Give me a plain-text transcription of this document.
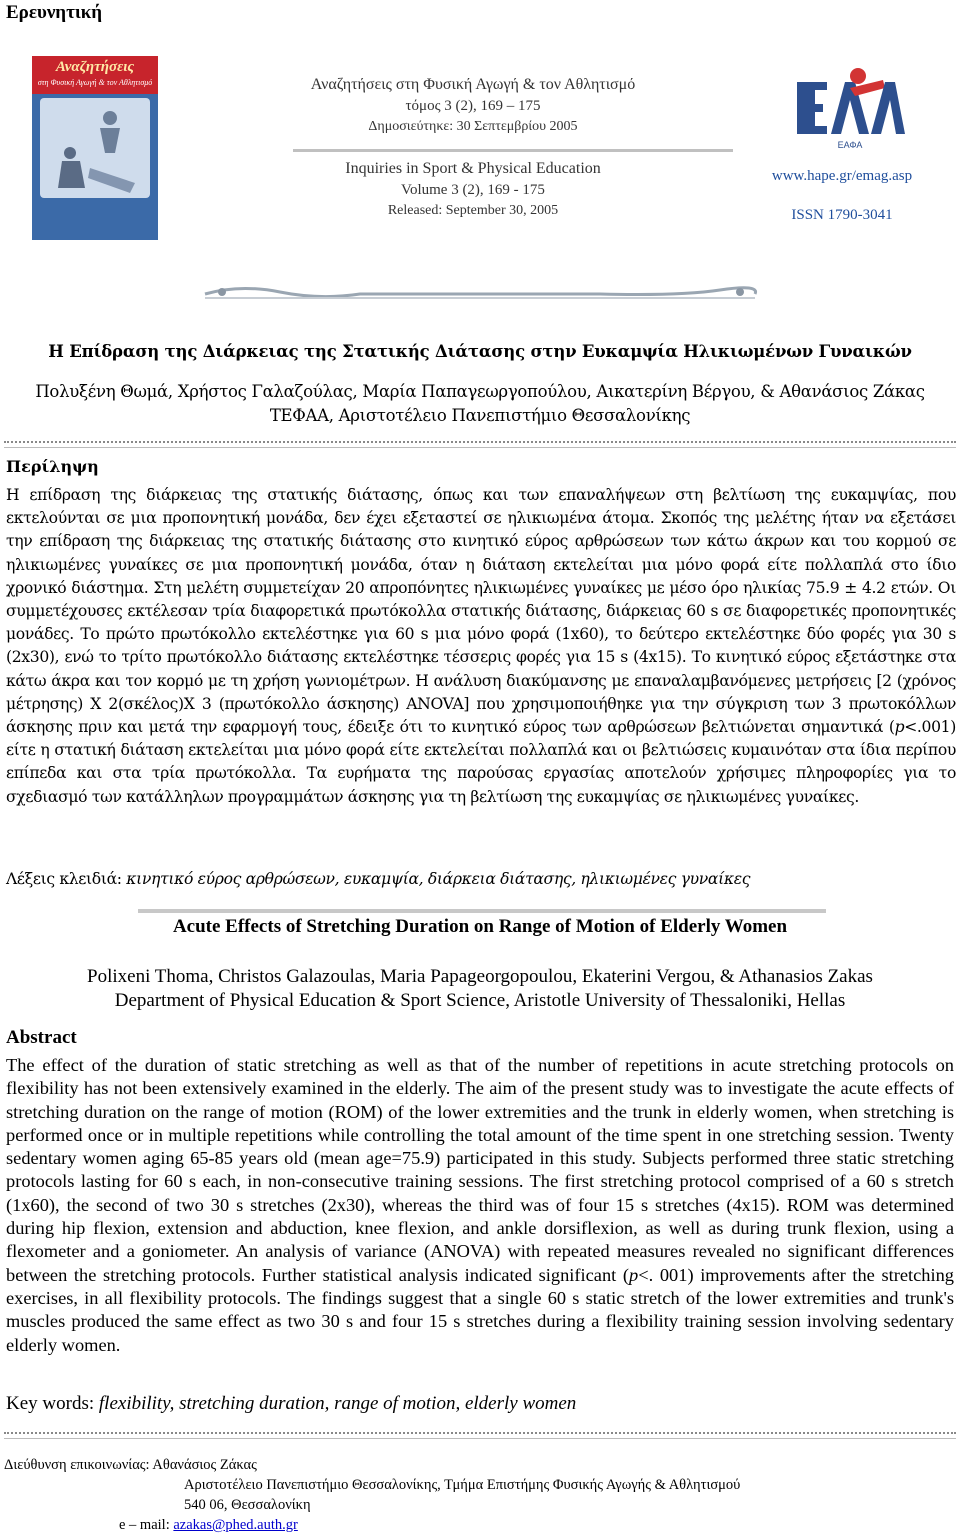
Ερευνητική
Αναζητήσεις
στη Φυσική Αγωγή & τον Αθλητισμό
ΕΑΦΑ
Αναζητήσεις στη Φυσική Αγωγή & τον Αθλητισμό
τόμος 3 (2), 169 – 175
Δημοσιεύτηκε: 30 Σεπτεμβρίου 2005
Inquiries in Sport & Physical Education
Volume 3 (2), 169 - 175
Released: September 30, 2005
ΕΑΦΑ
www.hape.gr/emag.asp
ISSN 1790-3041
Η Επίδραση της Διάρκειας της Στατικής Διάτασης στην Ευκαμψία Ηλικιωμένων Γυναικών
Πολυξένη Θωμά, Χρήστος Γαλαζούλας, Μαρία Παπαγεωργοπούλου, Αικατερίνη Βέργου, & Αθανάσιος Ζάκας
ΤΕΦΑΑ, Αριστοτέλειο Πανεπιστήμιο Θεσσαλονίκης
Περίληψη
Η επίδραση της διάρκειας της στατικής διάτασης, όπως και των επαναλήψεων στη βελτίωση της ευκαμψίας, που εκτελούνται σε μια προπονητική μονάδα, δεν έχει εξεταστεί σε ηλικιωμένα άτομα. Σκοπός της μελέτης ήταν να εξετάσει την επίδραση της διάρκειας της στατικής διάτασης στο κινητικό εύρος αρθρώσεων των κάτω άκρων και του κορμού σε ηλικιωμένες γυναίκες σε μια προπονητική μονάδα, όταν η διάταση εκτελείται μια μόνο φορά είτε πολλαπλά στο ίδιο χρονικό διάστημα. Στη μελέτη συμμετείχαν 20 απροπόνητες ηλικιωμένες γυναίκες με μέσο όρο ηλικίας 75.9 ± 4.2 ετών. Οι συμμετέχουσες εκτέλεσαν τρία διαφορετικά πρωτόκολλα στατικής διάτασης, διάρκειας 60 s σε διαφορετικές προπονητικές μονάδες. Το πρώτο πρωτόκολλο εκτελέστηκε για 60 s μια μόνο φορά (1x60), το δεύτερο εκτελέστηκε δύο φορές για 30 s (2x30), ενώ το τρίτο πρωτόκολλο διάτασης εκτελέστηκε τέσσερις φορές για 15 s (4x15). Το κινητικό εύρος εξετάστηκε στα κάτω άκρα και τον κορμό με τη χρήση γωνιομέτρων. Η ανάλυση διακύμανσης με επαναλαμβανόμενες μετρήσεις [2 (χρόνος μέτρησης) Χ 2(σκέλος)Χ 3 (πρωτόκολλο άσκησης) ANOVA] που χρησιμοποιήθηκε για την σύγκριση των 3 πρωτοκόλλων άσκησης πριν και μετά την εφαρμογή τους, έδειξε ότι το κινητικό εύρος των αρθρώσεων βελτιώνεται σημαντικά (p<.001) είτε η στατική διάταση εκτελείται μια μόνο φορά είτε εκτελείται πολλαπλά και οι βελτιώσεις κυμαινόταν στα ίδια περίπου επίπεδα και στα τρία πρωτόκολλα. Τα ευρήματα της παρούσας εργασίας αποτελούν χρήσιμες πληροφορίες για το σχεδιασμό των κατάλληλων προγραμμάτων άσκησης για τη βελτίωση της ευκαμψίας σε ηλικιωμένες γυναίκες.
Λέξεις κλειδιά: κινητικό εύρος αρθρώσεων, ευκαμψία, διάρκεια διάτασης, ηλικιωμένες γυναίκες
Acute Effects of Stretching Duration on Range of Motion of Elderly Women
Polixeni Thoma, Christos Galazoulas, Maria Papageorgopoulou, Ekaterini Vergou, & Athanasios Zakas
Department of Physical Education & Sport Science, Aristotle University of Thessaloniki, Hellas
Abstract
The effect of the duration of static stretching as well as that of the number of repetitions in acute stretching protocols on flexibility has not been extensively examined in the elderly. The aim of the present study was to investigate the acute effects of stretching duration on the range of motion (ROM) of the lower extremities and the trunk in elderly women, when stretching is performed once or in multiple repetitions while controlling the total amount of the time spent in one stretching session. Twenty sedentary women aging 65-85 years old (mean age=75.9) participated in this study. Subjects performed three static stretching protocols lasting for 60 s each, in non-consecutive training sessions. The first stretching protocol comprised of a 60 s stretch (1x60), the second of two 30 s stretches (2x30), whereas the third was of four 15 s stretches (4x15). ROM was determined during hip flexion, extension and abduction, knee flexion, and ankle dorsiflexion, as well as during trunk flexion, using a flexometer and a goniometer. An analysis of variance (ANOVA) with repeated measures revealed no significant differences between the stretching protocols. Further statistical analysis indicated significant (p<. 001) improvements after the stretching exercises, in all flexibility protocols. The findings suggest that a single 60 s static stretch of the lower extremities and trunk's muscles produced the same effect as two 30 s and four 15 s stretches during a flexibility training session involving sedentary elderly women.
Key words: flexibility, stretching duration, range of motion, elderly women
Διεύθυνση επικοινωνίας: Αθανάσιος Ζάκας
Αριστοτέλειο Πανεπιστήμιο Θεσσαλονίκης, Τμήμα Επιστήμης Φυσικής Αγωγής & Αθλητισμού
540 06, Θεσσαλονίκη
e – mail: azakas@phed.auth.gr
